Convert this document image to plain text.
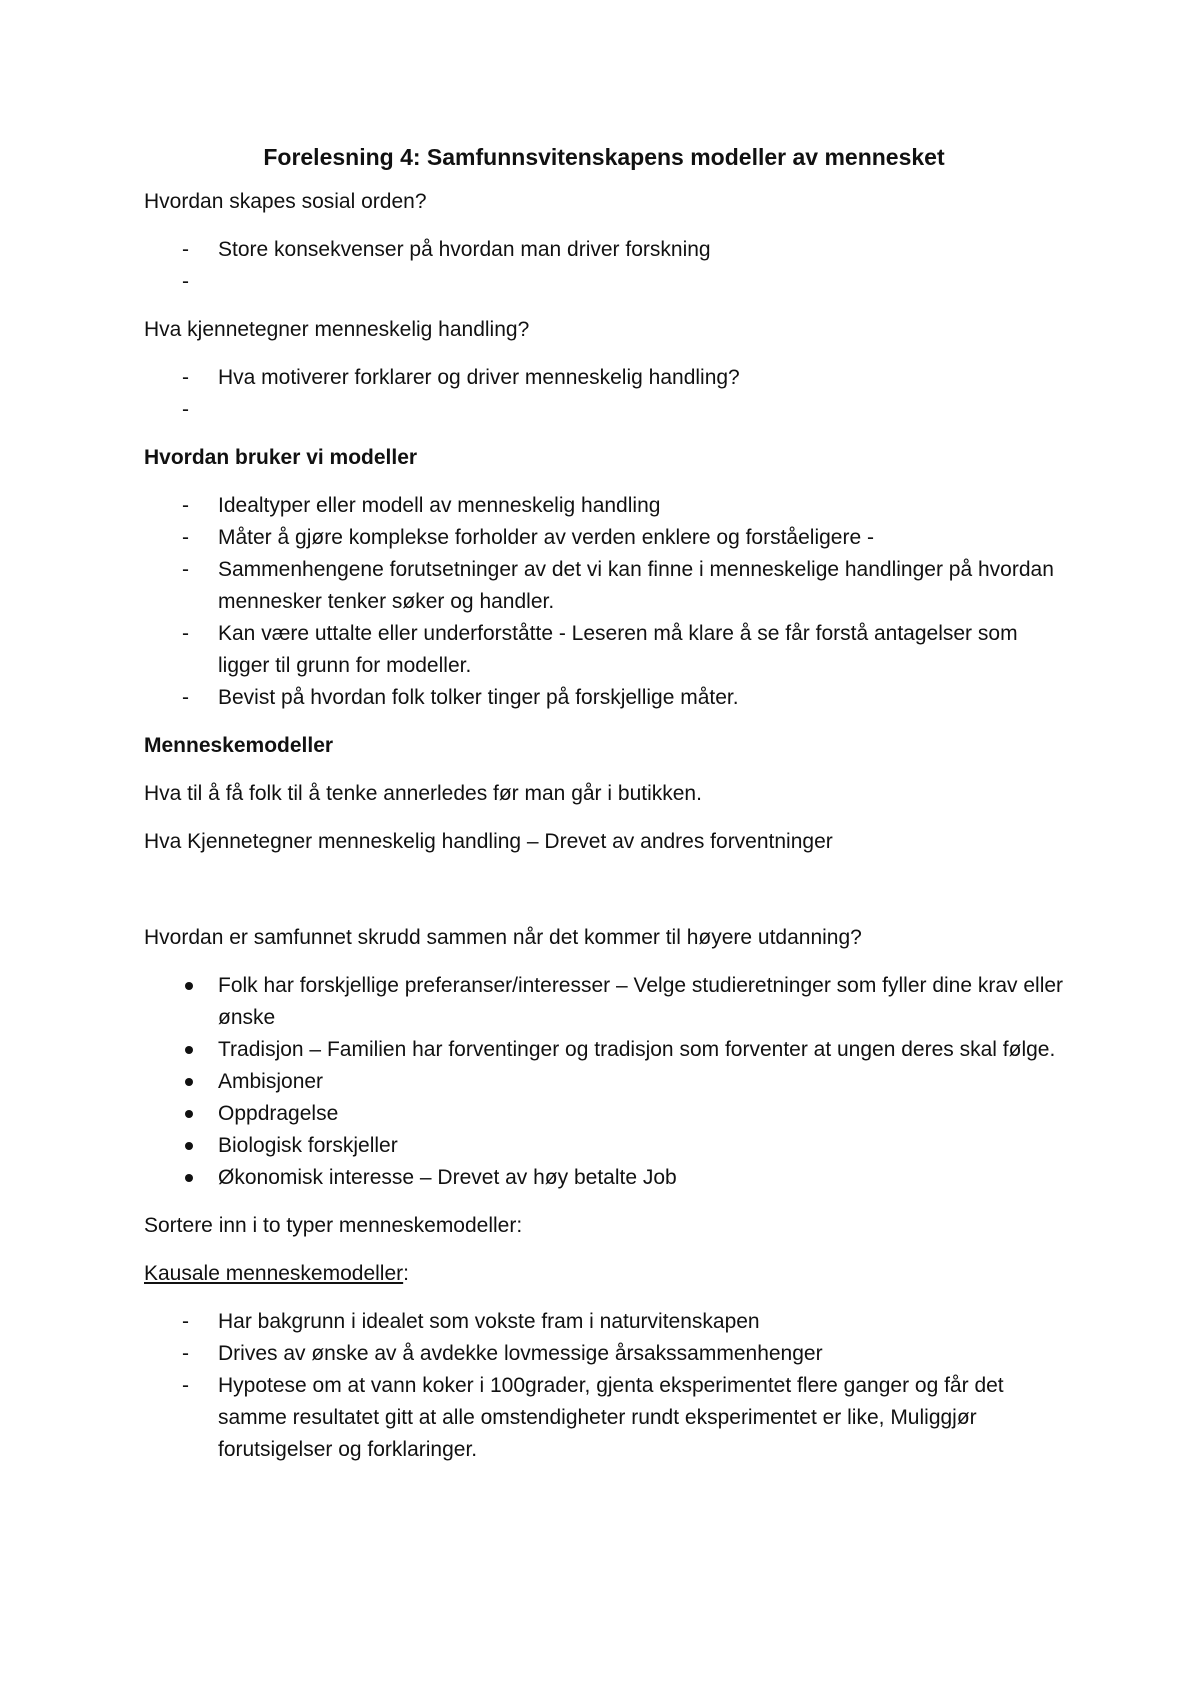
Forelesning 4: Samfunnsvitenskapens modeller av mennesket
Hvordan skapes sosial orden?
-	Store konsekvenser på hvordan man driver forskning
-
Hva kjennetegner menneskelig handling?
-	Hva motiverer forklarer og driver menneskelig handling?
-
Hvordan bruker vi modeller
-	Idealtyper eller modell av menneskelig handling
-	Måter å gjøre komplekse forholder av verden enklere og forståeligere -
-	Sammenhengene forutsetninger av det vi kan finne i menneskelige handlinger på hvordan mennesker tenker søker og handler.
-	Kan være uttalte eller underforståtte - Leseren må klare å se får forstå antagelser som ligger til grunn for modeller.
-	Bevist på hvordan folk tolker tinger på forskjellige måter.
Menneskemodeller
Hva til å få folk til å tenke annerledes før man går i butikken.
Hva Kjennetegner menneskelig handling – Drevet av andres forventninger
Hvordan er samfunnet skrudd sammen når det kommer til høyere utdanning?
Folk har forskjellige preferanser/interesser – Velge studieretninger som fyller dine krav eller ønske
Tradisjon – Familien har forventinger og tradisjon som forventer at ungen deres skal følge.
Ambisjoner
Oppdragelse
Biologisk forskjeller
Økonomisk interesse – Drevet av høy betalte Job
Sortere inn i to typer menneskemodeller:
Kausale menneskemodeller:
-	Har bakgrunn i idealet som vokste fram i naturvitenskapen
-	Drives av ønske av å avdekke lovmessige årsakssammenhenger
-	Hypotese om at vann koker i 100grader, gjenta eksperimentet flere ganger og får det samme resultatet gitt at alle omstendigheter rundt eksperimentet er like, Muliggjør forutsigelser og forklaringer.
